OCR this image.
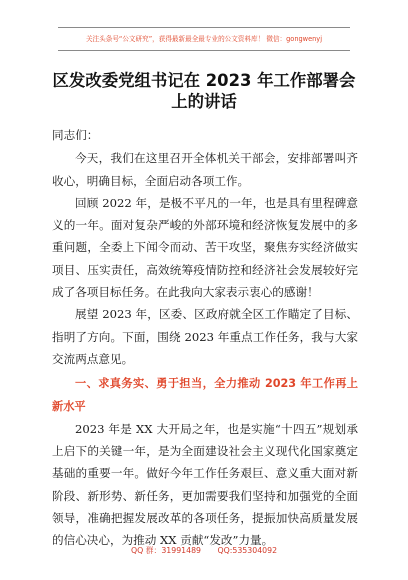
关注头条号“公文研究”，获得最新最全最专业的公文资料库！ 微信：gongwenyj
区发改委党组书记在 2023 年工作部署会
上的讲话

同志们：

今天，我们在这里召开全体机关干部会，安排部署叫齐收心，明确目标，全面启动各项工作。

回顾 2022 年，是极不平凡的一年，也是具有里程碑意义的一年。面对复杂严峻的外部环境和经济恢复发展中的多重问题，全委上下闻令而动、苦干攻坚，聚焦夯实经济做实项目、压实责任，高效统筹疫情防控和经济社会发展较好完成了各项目标任务。在此我向大家表示衷心的感谢！

展望 2023 年，区委、区政府就全区工作瞄定了目标、指明了方向。下面，围绕 2023 年重点工作任务，我与大家交流两点意见。

一、求真务实、勇于担当，全力推动 2023 年工作再上新水平

2023 年是 XX 大开局之年，也是实施“十四五”规划承上启下的关键一年，是为全面建设社会主义现代化国家奠定基础的重要一年。做好今年工作任务艰巨、意义重大面对新阶段、新形势、新任务，更加需要我们坚持和加强党的全面领导，准确把握发展改革的各项任务，提振加快高质量发展的信心决心，为推动 XX 贡献“发改”力量。

QQ 群：31991489 QQ:535304092
